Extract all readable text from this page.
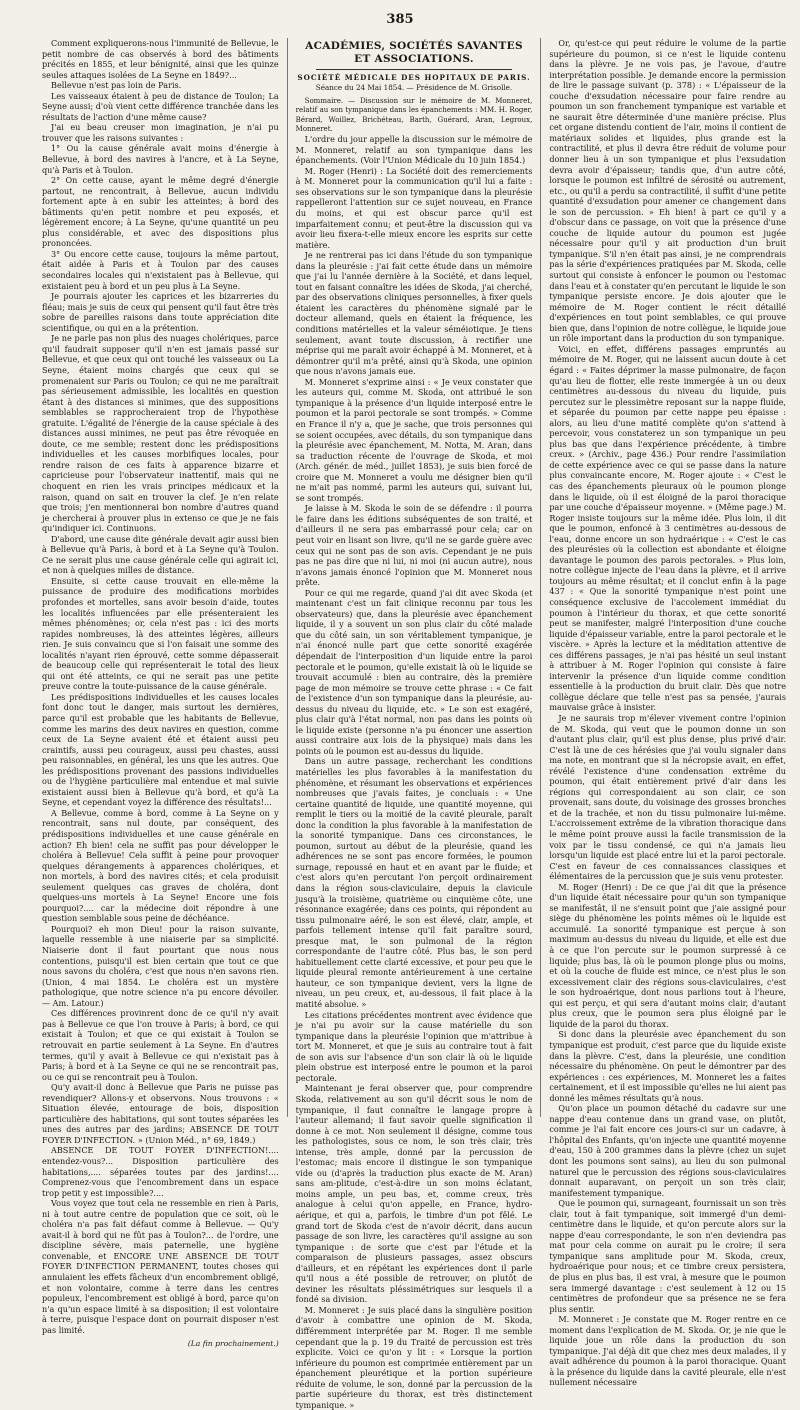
385

Comment expliquerons-nous l'immunité de Bellevue, le petit nombre de cas observés à bord des bâtiments précités en 1855, et leur bénignité, ainsi que les quinze seules attaques isolées de La Seyne en 1849?...

Bellevue n'est pas loin de Paris.

Les vaisseaux étaient à peu de distance de Toulon; La Seyne aussi; d'où vient cette différence tranchée dans les résultats de l'action d'une même cause?

J'ai eu beau creuser mon imagination, je n'ai pu trouver que les raisons suivantes :

1° Ou la cause générale avait moins d'énergie à Bellevue, à bord des navires à l'ancre, et à La Seyne, qu'à Paris et à Toulon.

2° On cette cause, ayant le même degré d'énergie partout, ne rencontrait, à Bellevue, aucun individu fortement apte à en subir les atteintes; à bord des bâtiments qu'en petit nombre et peu exposés, et légèrement encore; à La Seyne, qu'une quantité un peu plus considérable, et avec des dispositions plus prononcées.

3° Ou encore cette cause, toujours la même partout, était aidée à Paris et à Toulon par des causes secondaires locales qui n'existaient pas à Bellevue, qui existaient peu à bord et un peu plus à La Seyne.

Je pourrais ajouter les caprices et les bizarreries du fléau; mais je suis de ceux qui pensent qu'il faut être très sobre de pareilles raisons dans toute appréciation dite scientifique, ou qui en a la prétention.

Je ne parle pas non plus des nuages cholériques, parce qu'il faudrait supposer qu'il n'en est jamais passé sur Bellevue, et que ceux qui ont touché les vaisseaux ou La Seyne, étaient moins chargés que ceux qui se promenaient sur Paris ou Toulon; ce qui ne me paraîtrait pas sérieusement admissible, les localités en question étant à des distances si minimes, que des suppositions semblables se rapprocheraient trop de l'hypothèse gratuite. L'égalité de l'énergie de la cause spéciale à des distances aussi minimes, ne peut pas être révoquée en doute, ce me semble; restent donc les prédispositions individuelles et les causes morbifiques locales, pour rendre raison de ces faits à apparence bizarre et capricieuse pour l'observateur inattentif, mais qui ne choquent en rien les vrais principes médicaux et la raison, quand on sait en trouver la clef. Je n'en relate que trois; j'en mentionnerai bon nombre d'autres quand je chercherai à prouver plus in extenso ce que je ne fais qu'indiquer ici. Continuons.

D'abord, une cause dite générale devait agir aussi bien à Bellevue qu'à Paris, à bord et à La Seyne qu'à Toulon. Ce ne serait plus une cause générale celle qui agirait ici, et non à quelques milles de distance.

Ensuite, si cette cause trouvait en elle-même la puissance de produire des modifications morbides profondes et mortelles, sans avoir besoin d'aide, toutes les localités influencées par elle présenteraient les mêmes phénomènes; or, cela n'est pas : ici des morts rapides nombreuses, là des atteintes légères, ailleurs rien. Je suis convaincu que si l'on faisait une somme des localités n'ayant rien éprouvé, cette somme dépasserait de beaucoup celle qui représenterait le total des lieux qui ont été atteints, ce qui ne serait pas une petite preuve contre la toute-puissance de la cause générale.

Les prédispositions individuelles et les causes locales font donc tout le danger, mais surtout les dernières, parce qu'il est probable que les habitants de Bellevue, comme les marins des deux navires en question, comme ceux de La Seyne avaient été et étaient aussi peu craintifs, aussi peu courageux, aussi peu chastes, aussi peu raisonnables, en général, les uns que les autres. Que les prédispositions provenant des passions individuelles ou de l'hygiène particulière mal entendue et mal suivie existaient aussi bien à Bellevue qu'à bord, et qu'à La Seyne, et cependant voyez la différence des résultats!...

A Bellevue, comme à bord, comme à La Seyne on y rencontrait, sans nul doute, par conséquent, des prédispositions individuelles et une cause générale en action? Eh bien! cela ne suffit pas pour développer le choléra à Bellevue! Cela suffit à peine pour provoquer quelques dérangements à apparences cholériques, et non mortels, à bord des navires cités; et cela produisit seulement quelques cas graves de choléra, dont quelques-uns mortels à La Seyne! Encore une fois pourquoi?.... car la médecine doit répondre à une question semblable sous peine de déchéance.

Pourquoi? eh mon Dieu! pour la raison suivante, laquelle ressemble à une niaiserie par sa simplicité. Niaiserie dont il faut pourtant que nous nous contentions, puisqu'il est bien certain que tout ce que nous savons du choléra, c'est que nous n'en savons rien. (Union, 4 mai 1854. Le choléra est un mystère pathologique, que notre science n'a pu encore dévoiler. — Am. Latour.)

Ces différences provinrent donc de ce qu'il n'y avait pas à Bellevue ce que l'on trouve à Paris; à bord, ce qui existait à Toulon; et que ce qui existait à Toulon se retrouvait en partie seulement à La Seyne. En d'autres termes, qu'il y avait à Bellevue ce qui n'existait pas à Paris; à bord et à La Seyne ce qui ne se rencontrait pas, ou ce qui se rencontrait peu à Toulon.

Qu'y avait-il donc à Bellevue que Paris ne puisse pas revendiquer? Allons-y et observons. Nous trouvons : « Situation élevée, entourage de bois, disposition particulière des habitations, qui sont toutes séparées les unes des autres par des jardins; ABSENCE DE TOUT FOYER D'INFECTION. » (Union Méd., n° 69, 1849.)

ABSENCE DE TOUT FOYER D'INFECTION!.... entendez-vous?... Disposition particulière des habitations,.... séparées toutes par des jardins!.... Comprenez-vous que l'encombrement dans un espace trop petit y est impossible?....

Vous voyez que tout cela ne ressemble en rien à Paris, ni à tout autre centre de population que ce soit, où le choléra n'a pas fait défaut comme à Bellevue. — Qu'y avait-il à bord qui ne fût pas à Toulon?... de l'ordre, une discipline sévère, mais paternelle, une hygiène convenable, et ENCORE UNE ABSENCE DE TOUT FOYER D'INFECTION PERMANENT, toutes choses qui annulaient les effets fâcheux d'un encombrement obligé, et non volontaire, comme à terre dans les centres populeux, l'encombrement est obligé à bord, parce qu'on n'a qu'un espace limité à sa disposition; il est volontaire à terre, puisque l'espace dont on pourrait disposer n'est pas limité.

(La fin prochainement.)
ACADÉMIES, SOCIÉTÉS SAVANTES ET ASSOCIATIONS.
SOCIÉTÉ MÉDICALE DES HOPITAUX DE PARIS.
Séance du 24 Mai 1854. — Présidence de M. Grisolle.

Sommaire. — Discussion sur le mémoire de M. Monneret, relatif au son tympanique dans les épanchements : MM. H. Roger, Bérard, Woillez, Brichéteau, Barth, Guérard, Aran, Legroux, Monneret.

L'ordre du jour appelle la discussion sur le mémoire de M. Monneret, relatif au son tympanique dans les épanchements. (Voir l'Union Médicale du 10 juin 1854.)

M. Roger (Henri) : La Société doit des remerciements à M. Monneret pour la communication qu'il lui a faite : ses observations sur le son tympanique dans la pleurésie rappelleront l'attention sur ce sujet nouveau, en France du moins, et qui est obscur parce qu'il est imparfaitement connu; et peut-être la discussion qui va avoir lieu fixera-t-elle mieux encore les esprits sur cette matière.

Je ne rentrerai pas ici dans l'étude du son tympanique dans la pleurésie : j'ai fait cette étude dans un mémoire que j'ai lu l'année dernière à la Société, et dans lequel, tout en faisant connaître les idées de Skoda, j'ai cherché, par des observations cliniques personnelles, à fixer quels étaient les caractères du phénomène signalé par le docteur allemand, quels en étaient la fréquence, les conditions matérielles et la valeur séméiotique. Je tiens seulement, avant toute discussion, à rectifier une méprise qui me paraît avoir échappé à M. Monneret, et à démontrer qu'il m'a prêté, ainsi qu'à Skoda, une opinion que nous n'avons jamais eue.

M. Monneret s'exprime ainsi : « Je veux constater que les auteurs qui, comme M. Skoda, ont attribué le son tympanique à la présence d'un liquide interposé entre le poumon et la paroi pectorale se sont trompés. » Comme en France il n'y a, que je sache, que trois personnes qui se soient occupées, avec détails, du son tympanique dans la pleurésie avec épanchement, M. Notta, M. Aran, dans sa traduction récente de l'ouvrage de Skoda, et moi (Arch. génér. de méd., juillet 1853), je suis bien forcé de croire que M. Monneret a voulu me désigner bien qu'il ne m'ait pas nommé, parmi les auteurs qui, suivant lui, se sont trompés.

Je laisse à M. Skoda le soin de se défendre : il pourra le faire dans les éditions subséquentes de son traité, et d'ailleurs il ne sera pas embarrassé pour cela; car on peut voir en lisant son livre, qu'il ne se garde guère avec ceux qui ne sont pas de son avis. Cependant je ne puis pas ne pas dire que ni lui, ni moi (ni aucun autre), nous n'avons jamais énoncé l'opinion que M. Monneret nous prête.

Pour ce qui me regarde, quand j'ai dit avec Skoda (et maintenant c'est un fait clinique reconnu par tous les observateurs) que, dans la pleurésie avec épanchement liquide, il y a souvent un son plus clair du côté malade que du côté sain, un son véritablement tympanique, je n'ai énoncé nulle part que cette sonorité exagérée dépendait de l'interposition d'un liquide entre la paroi pectorale et le poumon, qu'elle existait là où le liquide se trouvait accumulé : bien au contraire, dès la première page de mon mémoire se trouve cette phrase : « Ce fait de l'existence d'un son tympanique dans la pleurésie, au-dessus du niveau du liquide, etc. » Le son est exagéré, plus clair qu'à l'état normal, non pas dans les points où le liquide existe (personne n'a pu énoncer une assertion aussi contraire aux lois de la physique) mais dans les points où le poumon est au-dessus du liquide.

Dans un autre passage, recherchant les conditions matérielles les plus favorables à la manifestation du phénomène, et résumant les observations et expériences nombreuses que j'avais faites, je concluais : « Une certaine quantité de liquide, une quantité moyenne, qui remplit le tiers ou la moitié de la cavité pleurale, paraît donc la condition la plus favorable à la manifestation de la sonorité tympanique. Dans ces circonstances, le poumon, surtout au début de la pleurésie, quand les adhérences ne se sont pas encore formées, le poumon surnage, repoussé en haut et en avant par le fluide; et c'est alors qu'en percutant l'on perçoit ordinairement dans la région sous-claviculaire, depuis la clavicule jusqu'à la troisième, quatrième ou cinquième côte, une résonnance exagérée; dans ces points, qui répondent au tissu pulmonaire aéré, le son est élevé, clair, ample, et parfois tellement intense qu'il fait paraître sourd, presque mat, le son pulmonal de la région correspondante de l'autre côté. Plus bas, le son perd habituellement cette clarté excessive, et pour peu que le liquide pleural remonte antérieurement à une certaine hauteur, ce son tympanique devient, vers la ligne de niveau, un peu creux, et, au-dessous, il fait place à la matité absolue. »

Les citations précédentes montrent avec évidence que je n'ai pu avoir sur la cause matérielle du son tympanique dans la pleurésie l'opinion que m'attribue à tort M. Monneret, et que je suis au contraire tout à fait de son avis sur l'absence d'un son clair là où le liquide plein obstrue est interposé entre le poumon et la paroi pectorale.

Maintenant je ferai observer que, pour comprendre Skoda, relativement au son qu'il décrit sous le nom de tympanique, il faut connaître le langage propre à l'auteur allemand; il faut savoir quelle signification il donne à ce mot. Non seulement il désigne, comme tous les pathologistes, sous ce nom, le son très clair, très intense, très ample, donné par la percussion de l'estomac; mais encore il distingue le son tympanique vide ou (d'après la traduction plus exacte de M. Aran) sans am-plitude, c'est-à-dire un son moins éclatant, moins ample, un peu bas, et, comme creux, très analogue à celui qu'on appelle, en France, hydro-aérique, et qui a, parfois, le timbre d'un pot fêlé. Le grand tort de Skoda c'est de n'avoir décrit, dans aucun passage de son livre, les caractères qu'il assigne au son tympanique : de sorte que c'est par l'étude et la comparaison de plusieurs passages, assez obscurs d'ailleurs, et en répétant les expériences dont il parle qu'il nous a été possible de retrouver, on plutôt de deviner les résultats pléssimétriques sur lesquels il a fondé sa division.

M. Monneret : Je suis placé dans la singulière position d'avoir à combattre une opinion de M. Skoda, différemment interprétée par M. Roger. Il me semble cependant que la p. 19 du Traité de percussion est très explicite. Voici ce qu'on y lit : « Lorsque la portion inférieure du poumon est comprimée entièrement par un épanchement pleurétique et la portion supérieure réduite de volume, le son, donné par la percussion de la partie supérieure du thorax, est très distinctement tympanique. »

Or, qu'est-ce qui peut réduire le volume de la partie supérieure du poumon, si ce n'est le liquide contenu dans la plèvre. Je ne vois pas, je l'avoue, d'autre interprétation possible. Je demande encore la permission de lire le passage suivant (p. 378) : « L'épaisseur de la couche d'exsudation nécessaire pour faire rendre au poumon un son franchement tympanique est variable et ne saurait être déterminée d'une manière précise. Plus cet organe distendu contient de l'air, moins il contient de matériaux solides et liquides, plus grande est la contractilité, et plus il devra être réduit de volume pour donner lieu à un son tympanique et plus l'exsudation devra avoir d'épaisseur; tandis que, d'un autre côté, lorsque le poumon est infiltré de sérosité ou autrement, etc., ou qu'il a perdu sa contractilité, il suffit d'une petite quantité d'exsudation pour amener ce changement dans le son de percussion. » Eh bien! à part ce qu'il y a d'obscur dans ce passage, on voit que la présence d'une couche de liquide autour du poumon est jugée nécessaire pour qu'il y ait production d'un bruit tympanique. S'il n'en était pas ainsi, je ne comprendrais pas la série d'expériences pratiquées par M. Skoda, celle surtout qui consiste à enfoncer le poumon ou l'estomac dans l'eau et à constater qu'en percutant le liquide le son tympanique persiste encore. Je dois ajouter que le mémoire de M. Roger contient le récit détaillé d'expériences en tout point semblables, ce qui prouve bien que, dans l'opinion de notre collègue, le liquide joue un rôle important dans la production du son tympanique.

Voici, en effet, différens passages empruntés au mémoire de M. Roger, qui ne laissent aucun doute à cet égard : « Faites déprimer la masse pulmonaire, de façon qu'au lieu de flotter, elle reste immergée à un ou deux centimètres au-dessous du niveau du liquide, puis percutez sur le plessimètre reposant sur la nappe fluide, et séparée du poumon par cette nappe peu épaisse : alors, au lieu d'une matité complète qu'on s'attend à percevoir, vous constaterez un son tympanique un peu plus bas que dans l'expérience précédente, à timbre creux. » (Archiv., page 436.) Pour rendre l'assimilation de cette expérience avec ce qui se passe dans la nature plus convaincante encore, M. Roger ajoute : « C'est le cas des épanchements pleuraux où le poumon plonge dans le liquide, où il est éloigné de la paroi thoracique par une couche d'épaisseur moyenne. » (Même page.) M. Roger insiste toujours sur la même idée. Plus loin, il dit que le poumon, enfoncé à 3 centimètres au-dessous de l'eau, donne encore un son hydraérique : « C'est le cas des pleurésies où la collection est abondante et éloigne davantage le poumon des parois pectorales. » Plus loin, notre collègue injecte de l'eau dans la plèvre, et il arrive toujours au même résultat; et il conclut enfin à la page 437 : « Que la sonorité tympanique n'est point une conséquence exclusive de l'accolement immédiat du poumon à l'intérieur du thorax, et que cette sonorité peut se manifester, malgré l'interposition d'une couche liquide d'épaisseur variable, entre la paroi pectorale et le viscère. » Après la lecture et la méditation attentive de ces différens passages, je n'ai pas hésité un seul instant à attribuer à M. Roger l'opinion qui consiste à faire intervenir la présence d'un liquide comme condition essentielle à la production du bruit clair. Dès que notre collègue déclare que telle n'est pas sa pensée, j'aurais mauvaise grâce à insister.

Je ne saurais trop m'élever vivement contre l'opinion de M. Skoda, qui veut que le poumon donne un son d'autant plus clair, qu'il est plus dense, plus privé d'air. C'est là une de ces hérésies que j'ai voulu signaler dans ma note, en montrant que si la nécropsie avait, en effet, révélé l'existence d'une condensation extrême du poumon, qui était entièrement privé d'air dans les régions qui correspondaient au son clair, ce son provenait, sans doute, du voisinage des grosses bronches et de la trachée, et non du tissu pulmonaire lui-même. L'accroissement extrême de la vibration thoracique dans le même point prouve aussi la facile transmission de la voix par le tissu condensé, ce qui n'a jamais lieu lorsqu'un liquide est placé entre lui et la paroi pectorale. C'est en faveur de ces connaissances classiques et élémentaires de la percussion que je suis venu protester.

M. Roger (Henri) : De ce que j'ai dit que la présence d'un liquide était nécessaire pour qu'un son tympanique se manifestât, il ne s'ensuit point que j'aie assigné pour siège du phénomène les points mêmes où le liquide est accumulé. La sonorité tympanique est perçue à son maximum au-dessus du niveau du liquide, et elle est due à ce que l'on percute sur le poumon surpressé à ce liquide; plus bas, là où le poumon plonge plus ou moins, et où la couche de fluide est mince, ce n'est plus le son excessivement clair des régions sous-claviculaires, c'est le son hydroaérique, dont nous parlions tout à l'heure, qui est perçu, et qui sera d'autant moins clair, d'autant plus creux, que le poumon sera plus éloigné par le liquide de la paroi du thorax.

Si donc dans la pleurésie avec épanchement du son tympanique est produit, c'est parce que du liquide existe dans la plèvre. C'est, dans la pleurésie, une condition nécessaire du phénomène. On peut le démontrer par des expériences : ces expériences, M. Monneret les a faites certainement, et il est impossible qu'elles ne lui aient pas donné les mêmes résultats qu'à nous.

Qu'on place un poumon détaché du cadavre sur une nappe d'eau contenue dans un grand vase, on plutôt, comme je l'ai fait encore ces jours-ci sur un cadavre, à l'hôpital des Enfants, qu'on injecte une quantité moyenne d'eau, 150 à 200 grammes dans la plèvre (chez un sujet dont les poumons sont sains), au lieu du son pulmonal naturel que le percussion des régions sous-claviculaires donnait auparavant, on perçoit un son très clair, manifestement tympanique.

Que le poumon qui, surnageant, fournissait un son très clair, tout à fait tympanique, soit immergé d'un demi-centimètre dans le liquide, et qu'on percute alors sur la nappe d'eau correspondante, le son n'en deviendra pas mat pour cela comme on aurait pu le croire; il sera tympanique sans amplitude pour M. Skoda, creux, hydroaérique pour nous; et ce timbre creux persistera, de plus en plus bas, il est vrai, à mesure que le poumon sera immergé davantage : c'est seulement à 12 ou 15 centimètres de profondeur que sa présence ne se fera plus sentir.

M. Monneret : Je constate que M. Roger rentre en ce moment dans l'explication de M. Skoda. Or, je nie que le liquide joue un rôle dans la production du son tympanique. J'ai déjà dit que chez mes deux malades, il y avait adhérence du poumon à la paroi thoracique. Quant à la présence du liquide dans la cavité pleurale, elle n'est nullement nécessaire
